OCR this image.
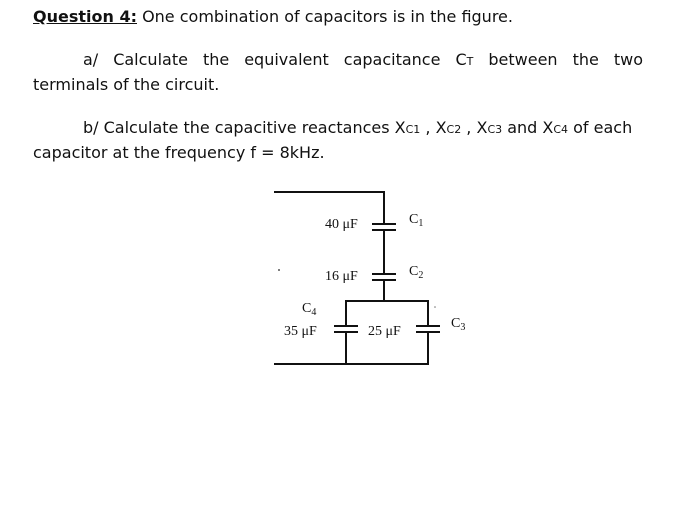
Question 4: One combination of capacitors is in the figure.
a/ Calculate the equivalent capacitance CT between the two terminals of the circuit.
b/ Calculate the capacitive reactances XC1 , XC2 , XC3 and XC4 of each capacitor at the frequency f = 8kHz.
40 μF	$C_1$
16 μF	$C_2$
$C_4$
35 μF	25 μF
$C_3$
